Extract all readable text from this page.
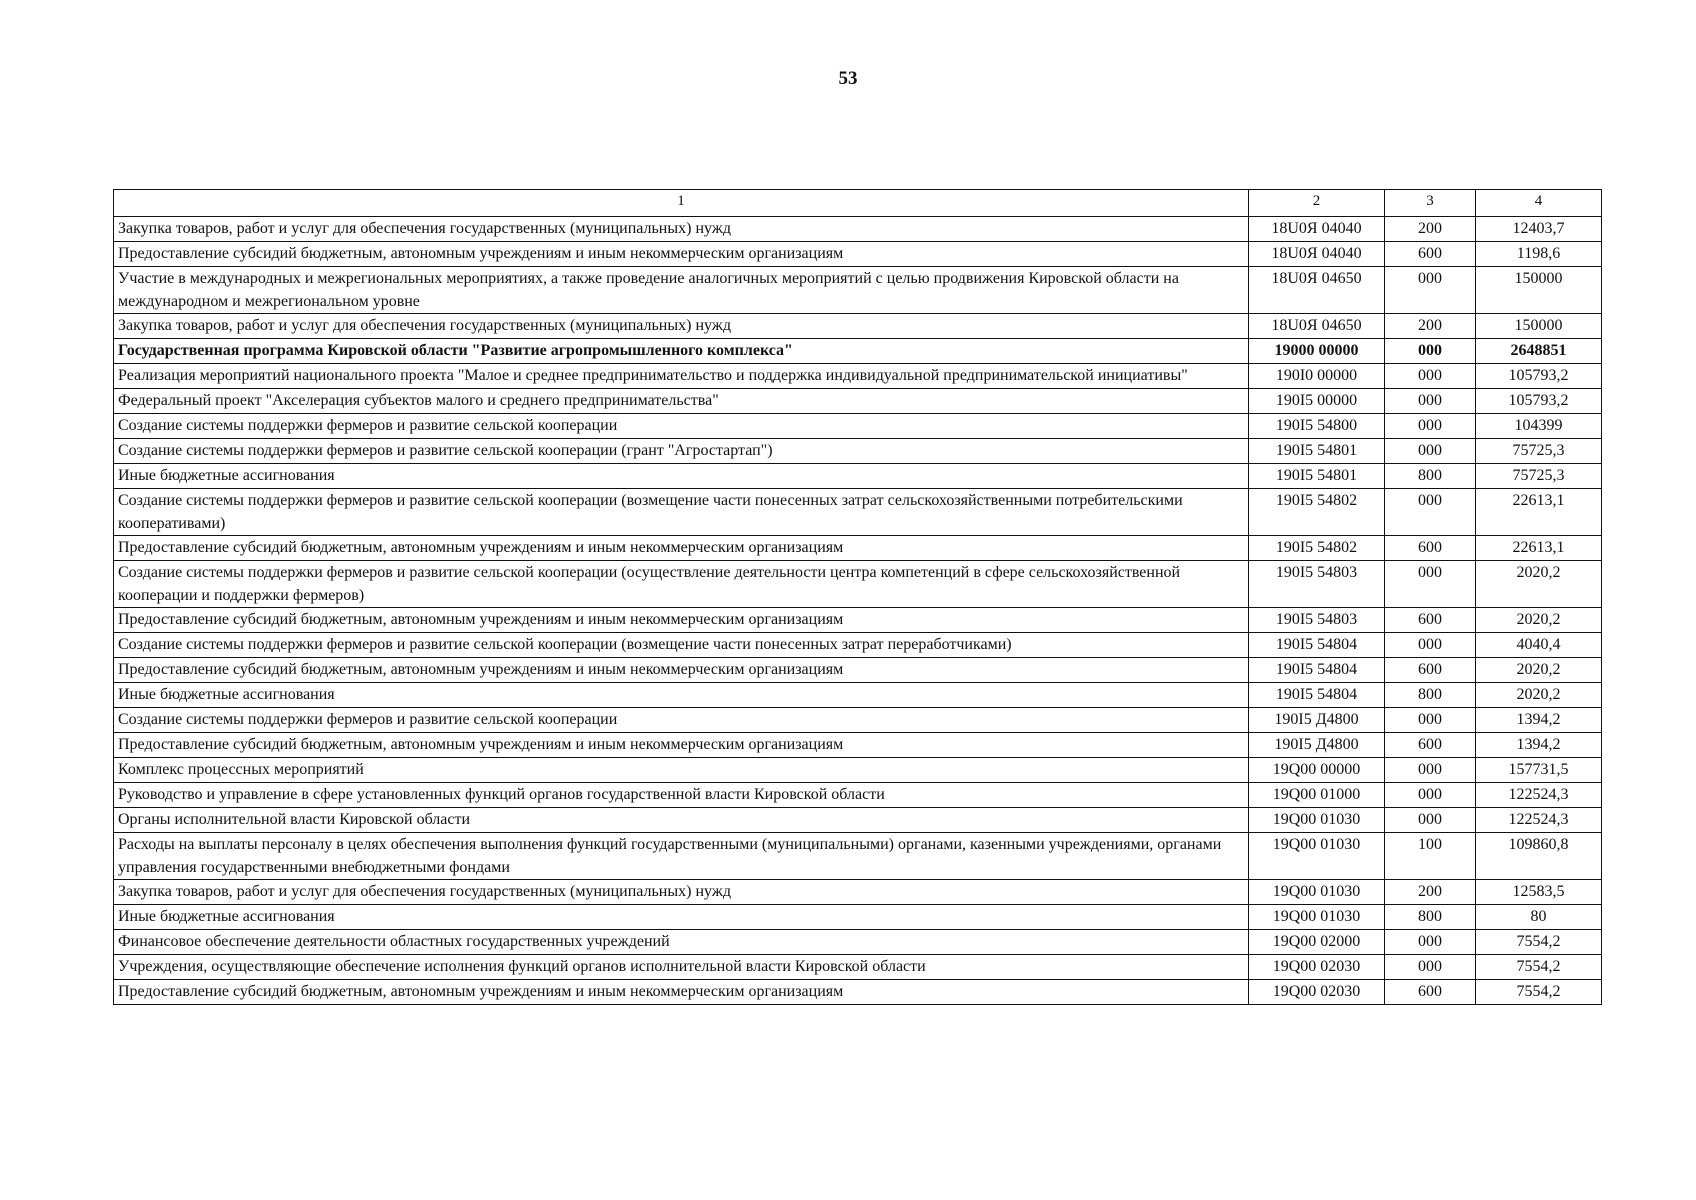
53
1	2	3	4
Закупка товаров, работ и услуг для обеспечения государственных (муниципальных) нужд	18U0Я 04040	200	12403,7
Предоставление субсидий бюджетным, автономным учреждениям и иным некоммерческим организациям	18U0Я 04040	600	1198,6
Участие в международных и межрегиональных мероприятиях, а также проведение аналогичных мероприятий с целью продвижения Кировской области на международном и межрегиональном уровне	18U0Я 04650	000	150000
Закупка товаров, работ и услуг для обеспечения государственных (муниципальных) нужд	18U0Я 04650	200	150000
Государственная программа Кировской области "Развитие агропромышленного комплекса"	19000 00000	000	2648851
Реализация мероприятий национального проекта "Малое и среднее предпринимательство и поддержка индивидуальной предпринимательской инициативы"	190I0 00000	000	105793,2
Федеральный проект "Акселерация субъектов малого и среднего предпринимательства"	190I5 00000	000	105793,2
Создание системы поддержки фермеров и развитие сельской кооперации	190I5 54800	000	104399
Создание системы поддержки фермеров и развитие сельской кооперации (грант "Агростартап")	190I5 54801	000	75725,3
Иные бюджетные ассигнования	190I5 54801	800	75725,3
Создание системы поддержки фермеров и развитие сельской кооперации (возмещение части понесенных затрат сельскохозяйственными потребительскими кооперативами)	190I5 54802	000	22613,1
Предоставление субсидий бюджетным, автономным учреждениям и иным некоммерческим организациям	190I5 54802	600	22613,1
Создание системы поддержки фермеров и развитие сельской кооперации (осуществление деятельности центра компетенций в сфере сельскохозяйственной кооперации и поддержки фермеров)	190I5 54803	000	2020,2
Предоставление субсидий бюджетным, автономным учреждениям и иным некоммерческим организациям	190I5 54803	600	2020,2
Создание системы поддержки фермеров и развитие сельской кооперации (возмещение части понесенных затрат переработчиками)	190I5 54804	000	4040,4
Предоставление субсидий бюджетным, автономным учреждениям и иным некоммерческим организациям	190I5 54804	600	2020,2
Иные бюджетные ассигнования	190I5 54804	800	2020,2
Создание системы поддержки фермеров и развитие сельской кооперации	190I5 Д4800	000	1394,2
Предоставление субсидий бюджетным, автономным учреждениям и иным некоммерческим организациям	190I5 Д4800	600	1394,2
Комплекс процессных мероприятий	19Q00 00000	000	157731,5
Руководство и управление в сфере установленных функций органов государственной власти Кировской области	19Q00 01000	000	122524,3
Органы исполнительной власти Кировской области	19Q00 01030	000	122524,3
Расходы на выплаты персоналу в целях обеспечения выполнения функций государственными (муниципальными) органами, казенными учреждениями, органами управления государственными внебюджетными фондами	19Q00 01030	100	109860,8
Закупка товаров, работ и услуг для обеспечения государственных (муниципальных) нужд	19Q00 01030	200	12583,5
Иные бюджетные ассигнования	19Q00 01030	800	80
Финансовое обеспечение деятельности областных государственных учреждений	19Q00 02000	000	7554,2
Учреждения, осуществляющие обеспечение исполнения функций органов исполнительной власти Кировской области	19Q00 02030	000	7554,2
Предоставление субсидий бюджетным, автономным учреждениям и иным некоммерческим организациям	19Q00 02030	600	7554,2
